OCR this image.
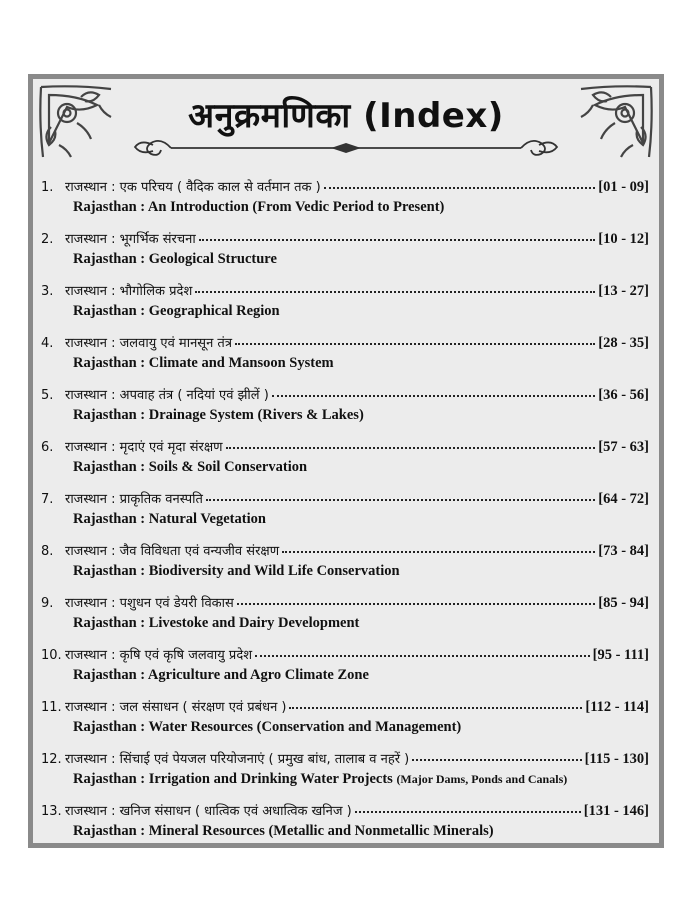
अनुक्रमणिका (Index)
1. राजस्थान : एक परिचय ( वैदिक काल से वर्तमान तक )	[01 - 09]
Rajasthan : An Introduction (From Vedic Period to Present)
2. राजस्थान : भूगर्भिक संरचना	[10 - 12]
Rajasthan : Geological Structure
3. राजस्थान : भौगोलिक प्रदेश	[13 - 27]
Rajasthan : Geographical Region
4. राजस्थान : जलवायु एवं मानसून तंत्र	[28 - 35]
Rajasthan : Climate and Mansoon System
5. राजस्थान : अपवाह तंत्र ( नदियां एवं झीलें )	[36 - 56]
Rajasthan : Drainage System (Rivers & Lakes)
6. राजस्थान : मृदाएं एवं मृदा संरक्षण	[57 - 63]
Rajasthan : Soils & Soil Conservation
7. राजस्थान : प्राकृतिक वनस्पति	[64 - 72]
Rajasthan : Natural Vegetation
8. राजस्थान : जैव विविधता एवं वन्यजीव संरक्षण	[73 - 84]
Rajasthan : Biodiversity and Wild Life Conservation
9. राजस्थान : पशुधन एवं डेयरी विकास	[85 - 94]
Rajasthan : Livestoke and Dairy Development
10. राजस्थान : कृषि एवं कृषि जलवायु प्रदेश	[95 - 111]
Rajasthan : Agriculture and Agro Climate Zone
11. राजस्थान : जल संसाधन ( संरक्षण एवं प्रबंधन )	[112 - 114]
Rajasthan : Water Resources (Conservation and Management)
12. राजस्थान : सिंचाई एवं पेयजल परियोजनाएं ( प्रमुख बांध, तालाब व नहरें )	[115 - 130]
Rajasthan : Irrigation and Drinking Water Projects (Major Dams, Ponds and Canals)
13. राजस्थान : खनिज संसाधन ( धात्विक एवं अधात्विक खनिज )	[131 - 146]
Rajasthan : Mineral Resources (Metallic and Nonmetallic Minerals)
